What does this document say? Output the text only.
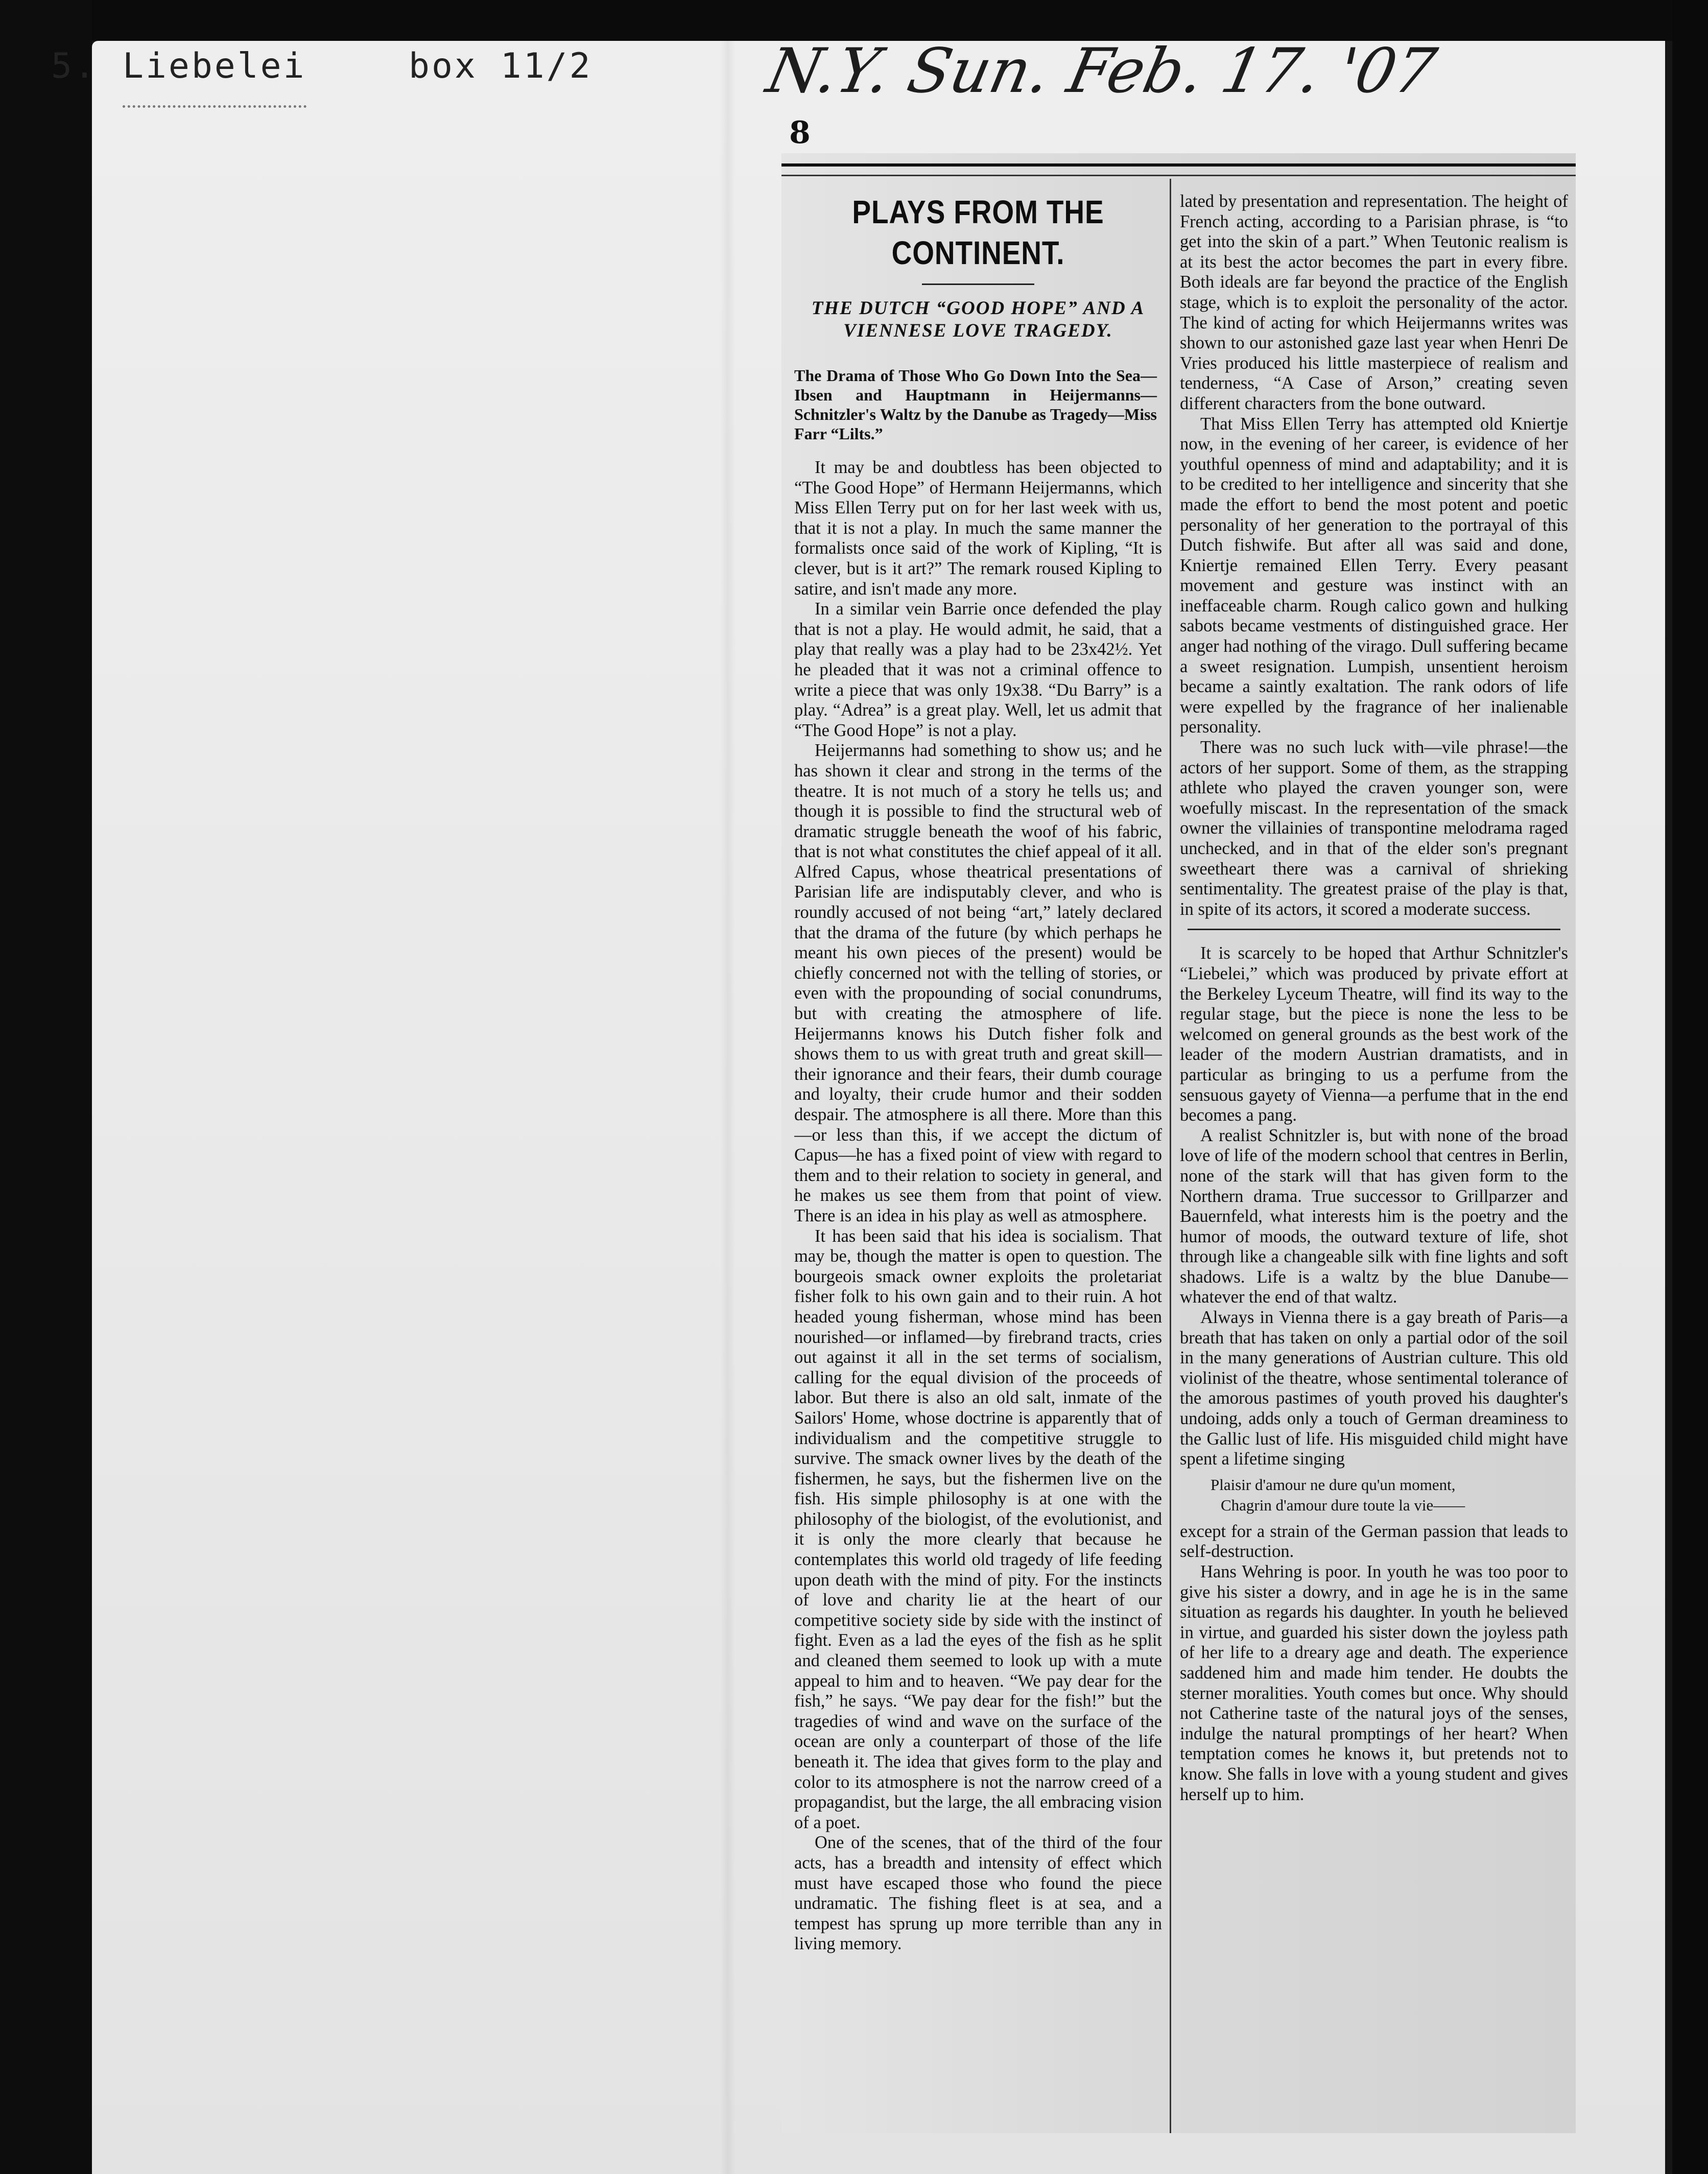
5. Liebelei	box 11/2	N.Y. Sun. Feb. 17. '07
8
PLAYS FROM THE CONTINENT.
THE DUTCH “GOOD HOPE” AND A VIENNESE LOVE TRAGEDY.
The Drama of Those Who Go Down Into the Sea—Ibsen and Hauptmann in Heijermanns—Schnitzler's Waltz by the Danube as Tragedy—Miss Farr “Lilts.”

It may be and doubtless has been objected to “The Good Hope” of Hermann Heijermanns, which Miss Ellen Terry put on for her last week with us, that it is not a play. In much the same manner the formalists once said of the work of Kipling, “It is clever, but is it art?” The remark roused Kipling to satire, and isn't made any more.

In a similar vein Barrie once defended the play that is not a play. He would admit, he said, that a play that really was a play had to be 23x42½. Yet he pleaded that it was not a criminal offence to write a piece that was only 19x38. “Du Barry” is a play. “Adrea” is a great play. Well, let us admit that “The Good Hope” is not a play.

Heijermanns had something to show us; and he has shown it clear and strong in the terms of the theatre. It is not much of a story he tells us; and though it is possible to find the structural web of dramatic struggle beneath the woof of his fabric, that is not what constitutes the chief appeal of it all. Alfred Capus, whose theatrical presentations of Parisian life are indisputably clever, and who is roundly accused of not being “art,” lately declared that the drama of the future (by which perhaps he meant his own pieces of the present) would be chiefly concerned not with the telling of stories, or even with the propounding of social conundrums, but with creating the atmosphere of life. Heijermanns knows his Dutch fisher folk and shows them to us with great truth and great skill—their ignorance and their fears, their dumb courage and loyalty, their crude humor and their sodden despair. The atmosphere is all there. More than this—or less than this, if we accept the dictum of Capus—he has a fixed point of view with regard to them and to their relation to society in general, and he makes us see them from that point of view. There is an idea in his play as well as atmosphere.

It has been said that his idea is socialism. That may be, though the matter is open to question. The bourgeois smack owner exploits the proletariat fisher folk to his own gain and to their ruin. A hot headed young fisherman, whose mind has been nourished—or inflamed—by firebrand tracts, cries out against it all in the set terms of socialism, calling for the equal division of the proceeds of labor. But there is also an old salt, inmate of the Sailors' Home, whose doctrine is apparently that of individualism and the competitive struggle to survive. The smack owner lives by the death of the fishermen, he says, but the fishermen live on the fish. His simple philosophy is at one with the philosophy of the biologist, of the evolutionist, and it is only the more clearly that because he contemplates this world old tragedy of life feeding upon death with the mind of pity. For the instincts of love and charity lie at the heart of our competitive society side by side with the instinct of fight. Even as a lad the eyes of the fish as he split and cleaned them seemed to look up with a mute appeal to him and to heaven. “We pay dear for the fish,” he says. “We pay dear for the fish!” but the tragedies of wind and wave on the surface of the ocean are only a counterpart of those of the life beneath it. The idea that gives form to the play and color to its atmosphere is not the narrow creed of a propagandist, but the large, the all embracing vision of a poet.

One of the scenes, that of the third of the four acts, has a breadth and intensity of effect which must have escaped those who found the piece undramatic. The fishing fleet is at sea, and a tempest has sprung up more terrible than any in living memory.

lated by presentation and representation. The height of French acting, according to a Parisian phrase, is “to get into the skin of a part.” When Teutonic realism is at its best the actor becomes the part in every fibre. Both ideals are far beyond the practice of the English stage, which is to exploit the personality of the actor. The kind of acting for which Heijermanns writes was shown to our astonished gaze last year when Henri De Vries produced his little masterpiece of realism and tenderness, “A Case of Arson,” creating seven different characters from the bone outward.

That Miss Ellen Terry has attempted old Kniertje now, in the evening of her career, is evidence of her youthful openness of mind and adaptability; and it is to be credited to her intelligence and sincerity that she made the effort to bend the most potent and poetic personality of her generation to the portrayal of this Dutch fishwife. But after all was said and done, Kniertje remained Ellen Terry. Every peasant movement and gesture was instinct with an ineffaceable charm. Rough calico gown and hulking sabots became vestments of distinguished grace. Her anger had nothing of the virago. Dull suffering became a sweet resignation. Lumpish, unsentient heroism became a saintly exaltation. The rank odors of life were expelled by the fragrance of her inalienable personality.

There was no such luck with—vile phrase!—the actors of her support. Some of them, as the strapping athlete who played the craven younger son, were woefully miscast. In the representation of the smack owner the villainies of transpontine melodrama raged unchecked, and in that of the elder son's pregnant sweetheart there was a carnival of shrieking sentimentality. The greatest praise of the play is that, in spite of its actors, it scored a moderate success.

It is scarcely to be hoped that Arthur Schnitzler's “Liebelei,” which was produced by private effort at the Berkeley Lyceum Theatre, will find its way to the regular stage, but the piece is none the less to be welcomed on general grounds as the best work of the leader of the modern Austrian dramatists, and in particular as bringing to us a perfume from the sensuous gayety of Vienna—a perfume that in the end becomes a pang.

A realist Schnitzler is, but with none of the broad love of life of the modern school that centres in Berlin, none of the stark will that has given form to the Northern drama. True successor to Grillparzer and Bauernfeld, what interests him is the poetry and the humor of moods, the outward texture of life, shot through like a changeable silk with fine lights and soft shadows. Life is a waltz by the blue Danube—whatever the end of that waltz.

Always in Vienna there is a gay breath of Paris—a breath that has taken on only a partial odor of the soil in the many generations of Austrian culture. This old violinist of the theatre, whose sentimental tolerance of the amorous pastimes of youth proved his daughter's undoing, adds only a touch of German dreaminess to the Gallic lust of life. His misguided child might have spent a lifetime singing

Plaisir d'amour ne dure qu'un moment,
Chagrin d'amour dure toute la vie——

except for a strain of the German passion that leads to self-destruction.

Hans Wehring is poor. In youth he was too poor to give his sister a dowry, and in age he is in the same situation as regards his daughter. In youth he believed in virtue, and guarded his sister down the joyless path of her life to a dreary age and death. The experience saddened him and made him tender. He doubts the sterner moralities. Youth comes but once. Why should not Catherine taste of the natural joys of the senses, indulge the natural promptings of her heart? When temptation comes he knows it, but pretends not to know. She falls in love with a young student and gives herself up to him.
